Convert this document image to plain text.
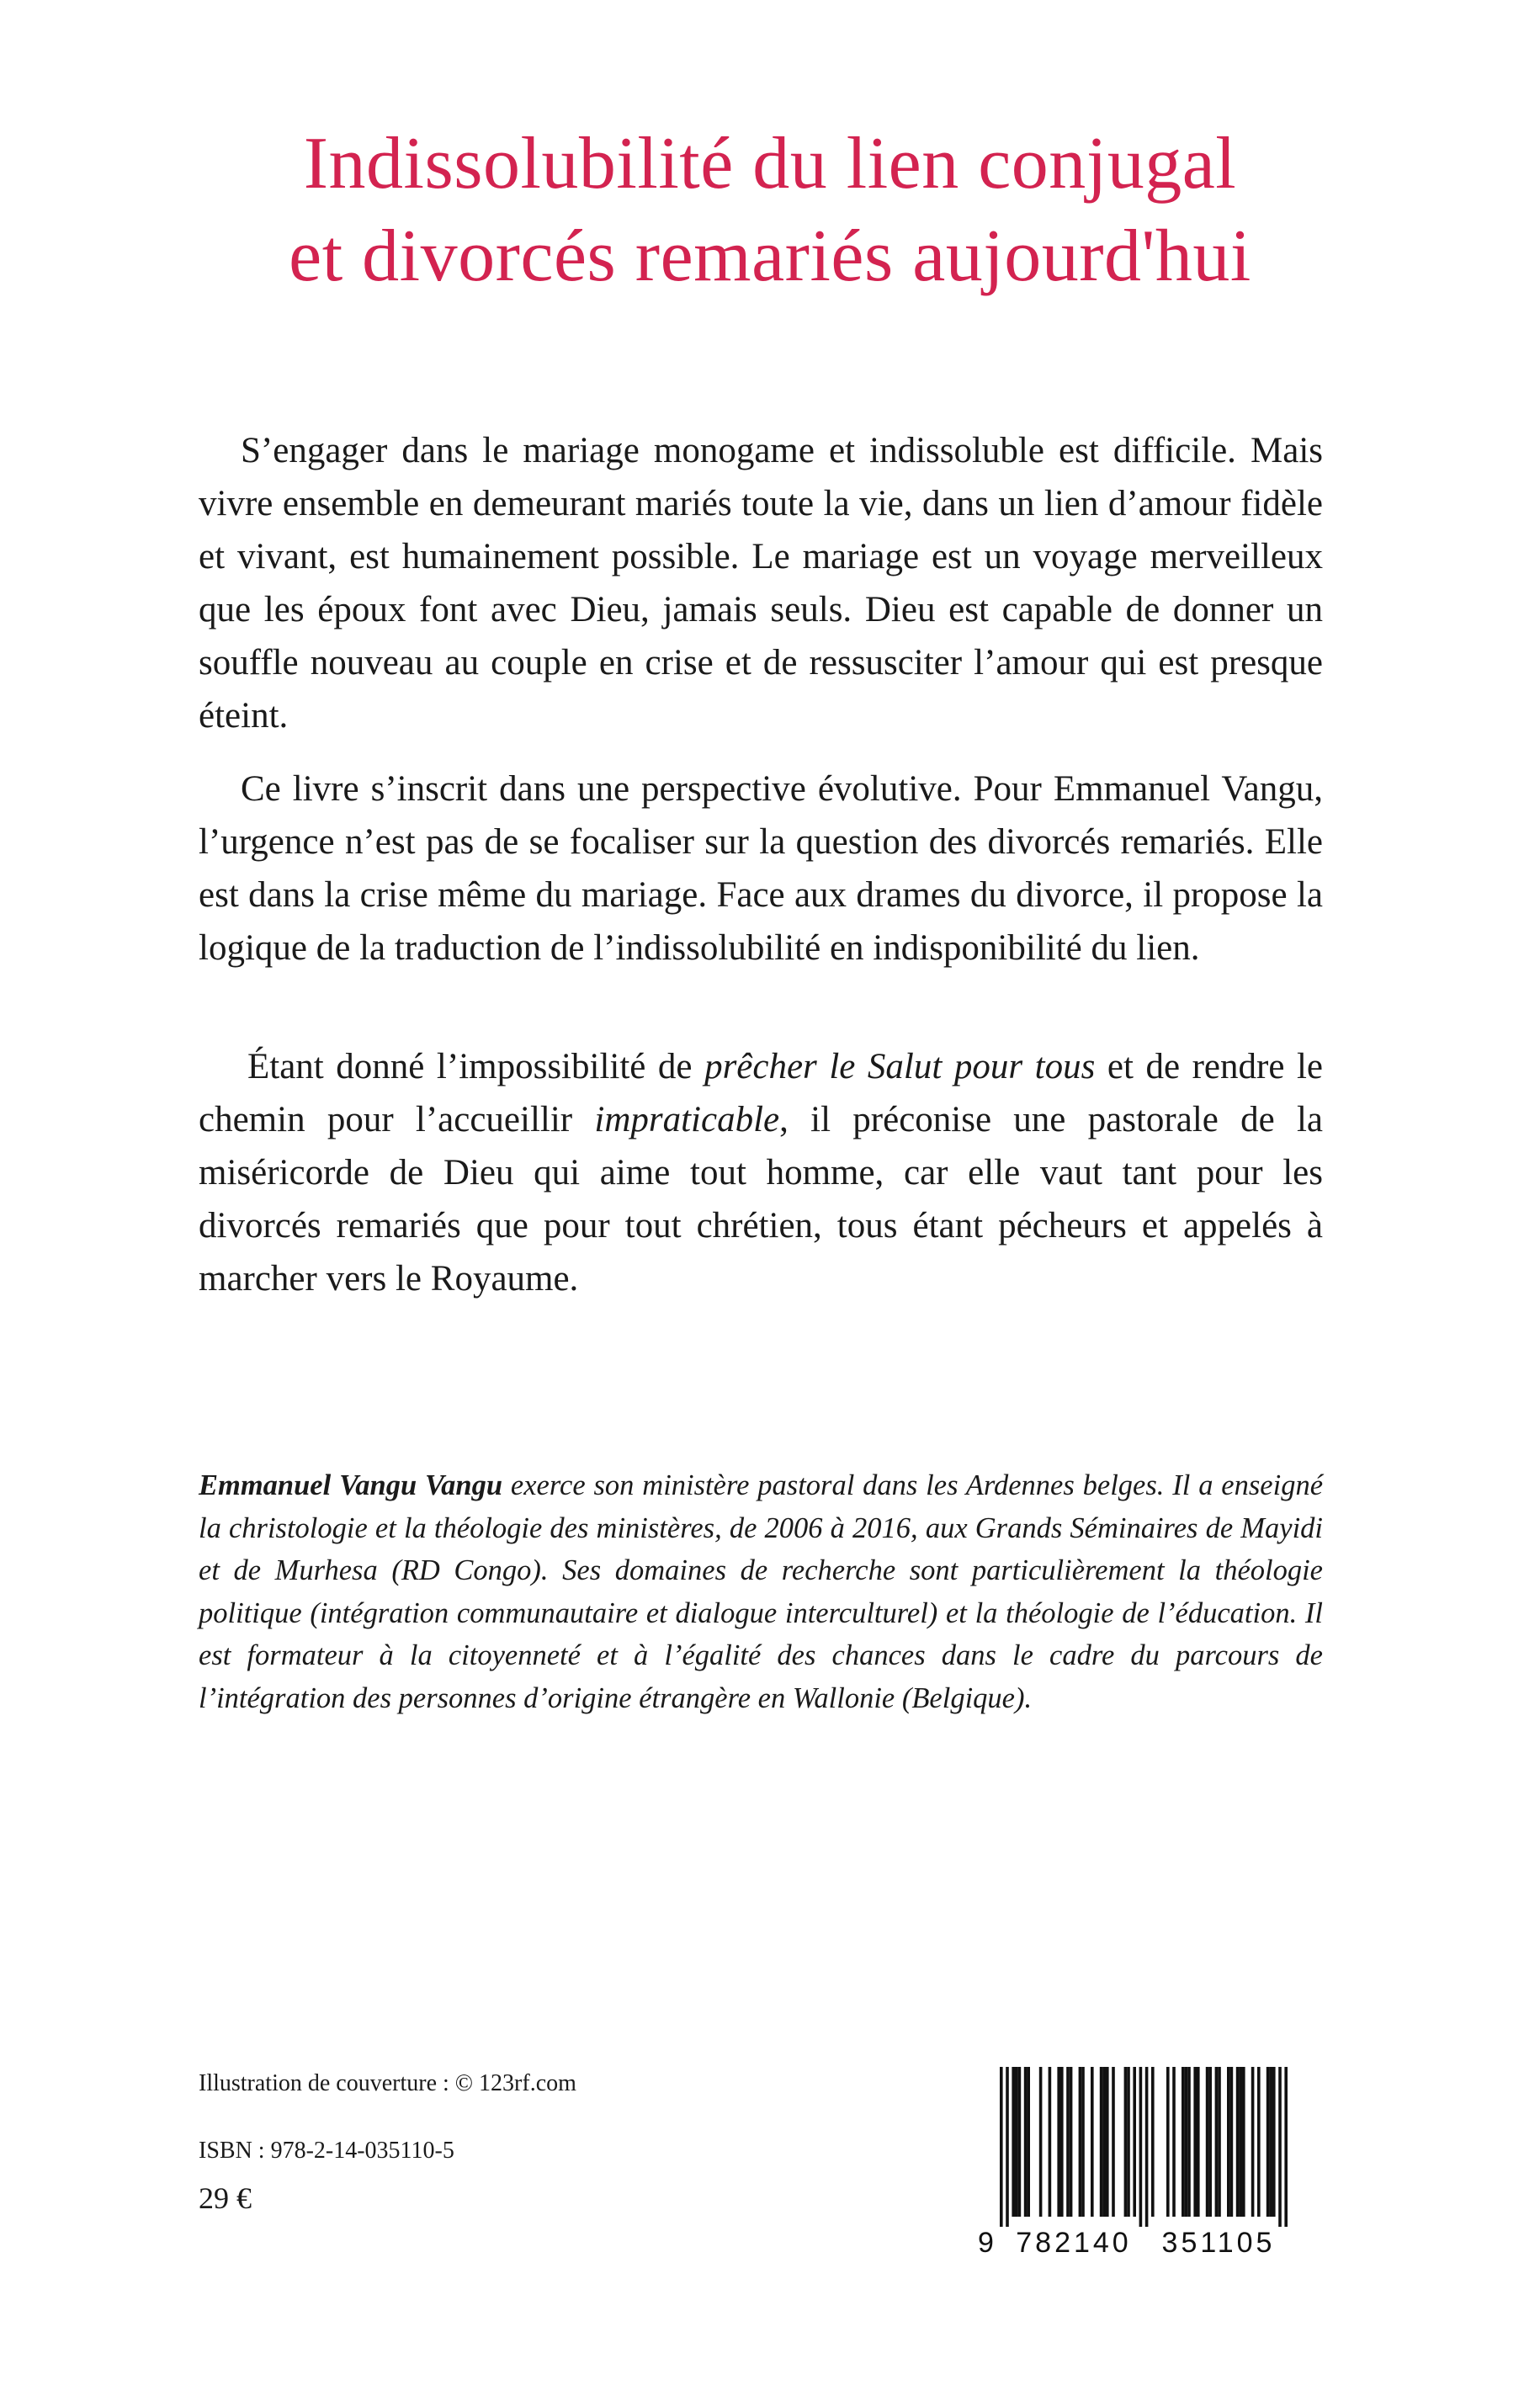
Indissolubilité du lien conjugal
et divorcés remariés aujourd'hui

S’engager dans le mariage monogame et indissoluble est difficile. Mais vivre ensemble en demeurant mariés toute la vie, dans un lien d’amour fidèle et vivant, est humainement possible. Le mariage est un voyage merveilleux que les époux font avec Dieu, jamais seuls. Dieu est capable de donner un souffle nouveau au couple en crise et de ressusciter l’amour qui est presque éteint.

Ce livre s’inscrit dans une perspective évolutive. Pour Emmanuel Vangu, l’urgence n’est pas de se focaliser sur la question des divorcés remariés. Elle est dans la crise même du mariage. Face aux drames du divorce, il propose la logique de la traduction de l’indissolubilité en indisponibilité du lien.

Étant donné l’impossibilité de prêcher le Salut pour tous et de rendre le chemin pour l’accueillir impraticable, il préconise une pastorale de la miséricorde de Dieu qui aime tout homme, car elle vaut tant pour les divorcés remariés que pour tout chrétien, tous étant pécheurs et appelés à marcher vers le Royaume.

Emmanuel Vangu Vangu exerce son ministère pastoral dans les Ardennes belges. Il a enseigné la christologie et la théologie des ministères, de 2006 à 2016, aux Grands Séminaires de Mayidi et de Murhesa (RD Congo). Ses domaines de recherche sont particulièrement la théologie politique (intégration communautaire et dialogue interculturel) et la théologie de l’éducation. Il est formateur à la citoyenneté et à l’égalité des chances dans le cadre du parcours de l’intégration des personnes d’origine étrangère en Wallonie (Belgique).

Illustration de couverture : © 123rf.com

ISBN : 978-2-14-035110-5

29 €

9 782140 351105
